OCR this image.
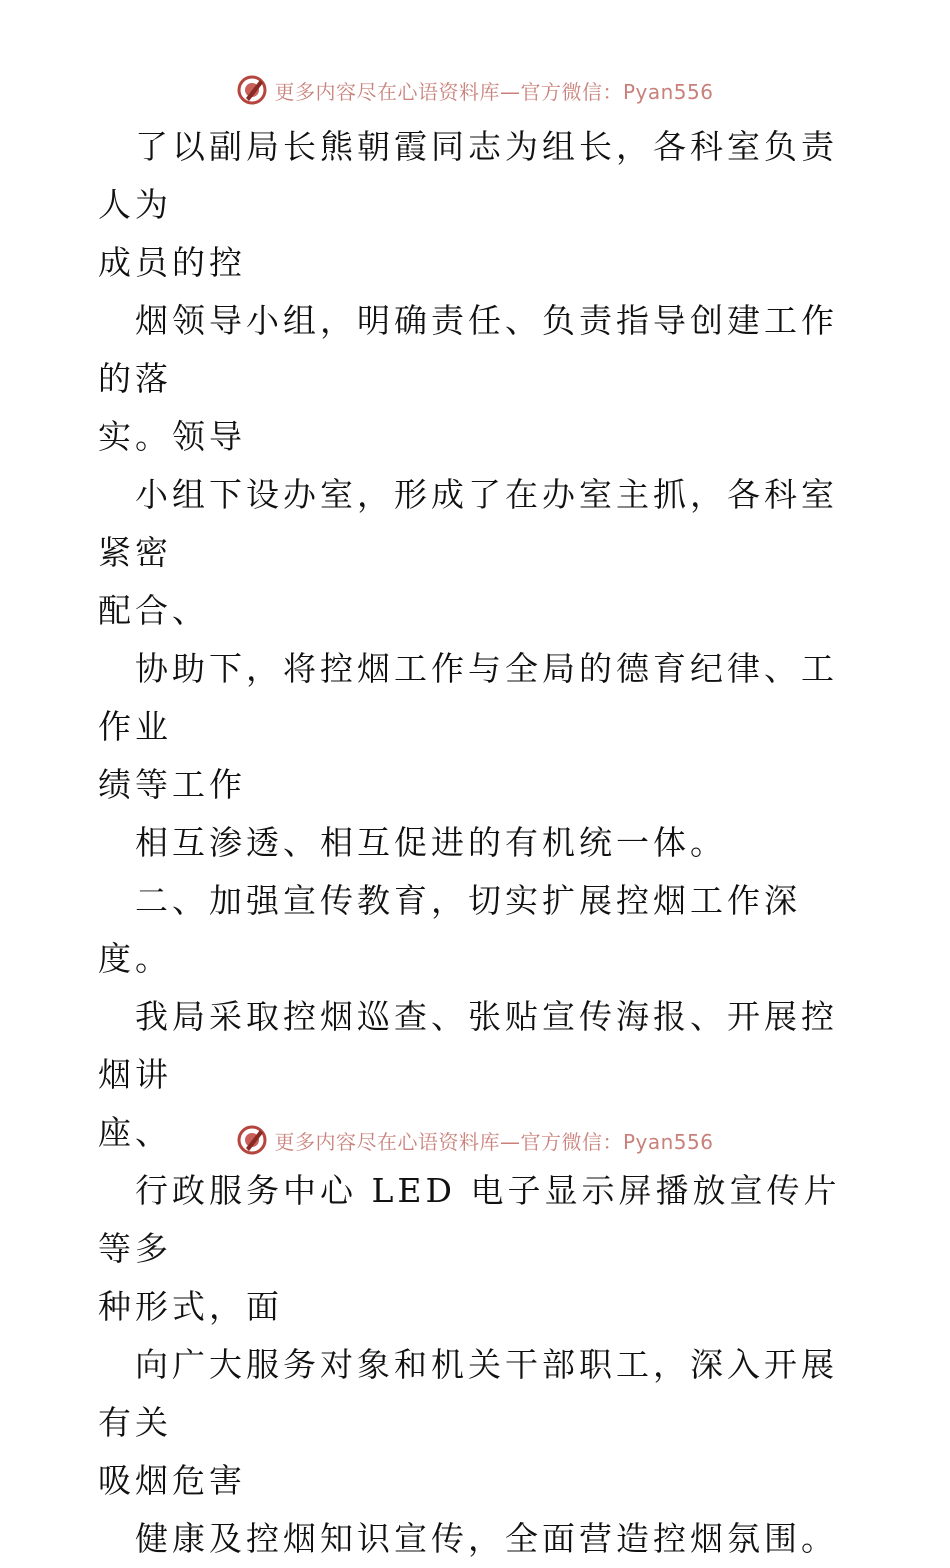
更多内容尽在心语资料库—官方微信：Pyan556

了以副局长熊朝霞同志为组长，各科室负责人为
成员的控

烟领导小组，明确责任、负责指导创建工作的落
实。领导

小组下设办室，形成了在办室主抓，各科室紧密
配合、

协助下，将控烟工作与全局的德育纪律、工作业
绩等工作

相互渗透、相互促进的有机统一体。

二、加强宣传教育，切实扩展控烟工作深度。

我局采取控烟巡查、张贴宣传海报、开展控烟讲
座、

行政服务中心 LED 电子显示屏播放宣传片等多
种形式，面

向广大服务对象和机关干部职工，深入开展有关
吸烟危害

健康及控烟知识宣传，全面营造控烟氛围。

更多内容尽在心语资料库—官方微信：Pyan556
